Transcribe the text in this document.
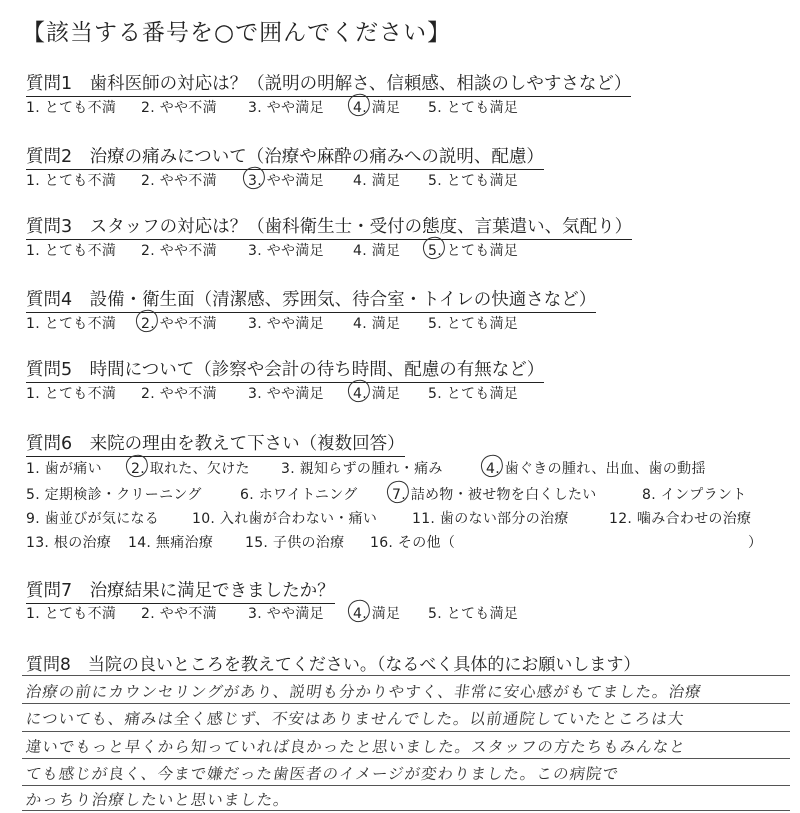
【該当する番号を○で囲んでください】
質問1　歯科医師の対応は？（説明の明解さ、信頼感、相談のしやすさなど）
1. とても不満 2. やや不満 3. やや満足 4. 満足 5. とても満足
質問2　治療の痛みについて（治療や麻酔の痛みへの説明、配慮）
1. とても不満 2. やや不満 3. やや満足 4. 満足 5. とても満足
質問3　スタッフの対応は？（歯科衛生士・受付の態度、言葉遣い、気配り）
1. とても不満 2. やや不満 3. やや満足 4. 満足 5. とても満足
質問4　設備・衛生面（清潔感、雰囲気、待合室・トイレの快適さなど）
1. とても不満 2. やや不満 3. やや満足 4. 満足 5. とても満足
質問5　時間について（診察や会計の待ち時間、配慮の有無など）
1. とても不満 2. やや不満 3. やや満足 4. 満足 5. とても満足
質問6　来院の理由を教えて下さい（複数回答）
1. 歯が痛い 2. 取れた、欠けた 3. 親知らずの腫れ・痛み	4. 歯ぐきの腫れ、出血、歯の動揺
5. 定期検診・クリーニング	6. ホワイトニング 7. 詰め物・被せ物を白くしたい	8. インプラント
9. 歯並びが気になる 10. 入れ歯が合わない・痛い 11. 歯のない部分の治療	12. 噛み合わせの治療
13. 根の治療 14. 無痛治療 15. 子供の治療 16. その他（	）
質問7　治療結果に満足できましたか？
1. とても不満 2. やや不満 3. やや満足 4. 満足 5. とても満足
質問8　当院の良いところを教えてください。（なるべく具体的にお願いします）
治療の前にカウンセリングがあり、説明も分かりやすく、非常に安心感がもてました。治療
についても、痛みは全く感じず、不安はありませんでした。以前通院していたところは大
違いでもっと早くから知っていれば良かったと思いました。スタッフの方たちもみんなと
ても感じが良く、今まで嫌だった歯医者のイメージが変わりました。この病院で
かっちり治療したいと思いました。
